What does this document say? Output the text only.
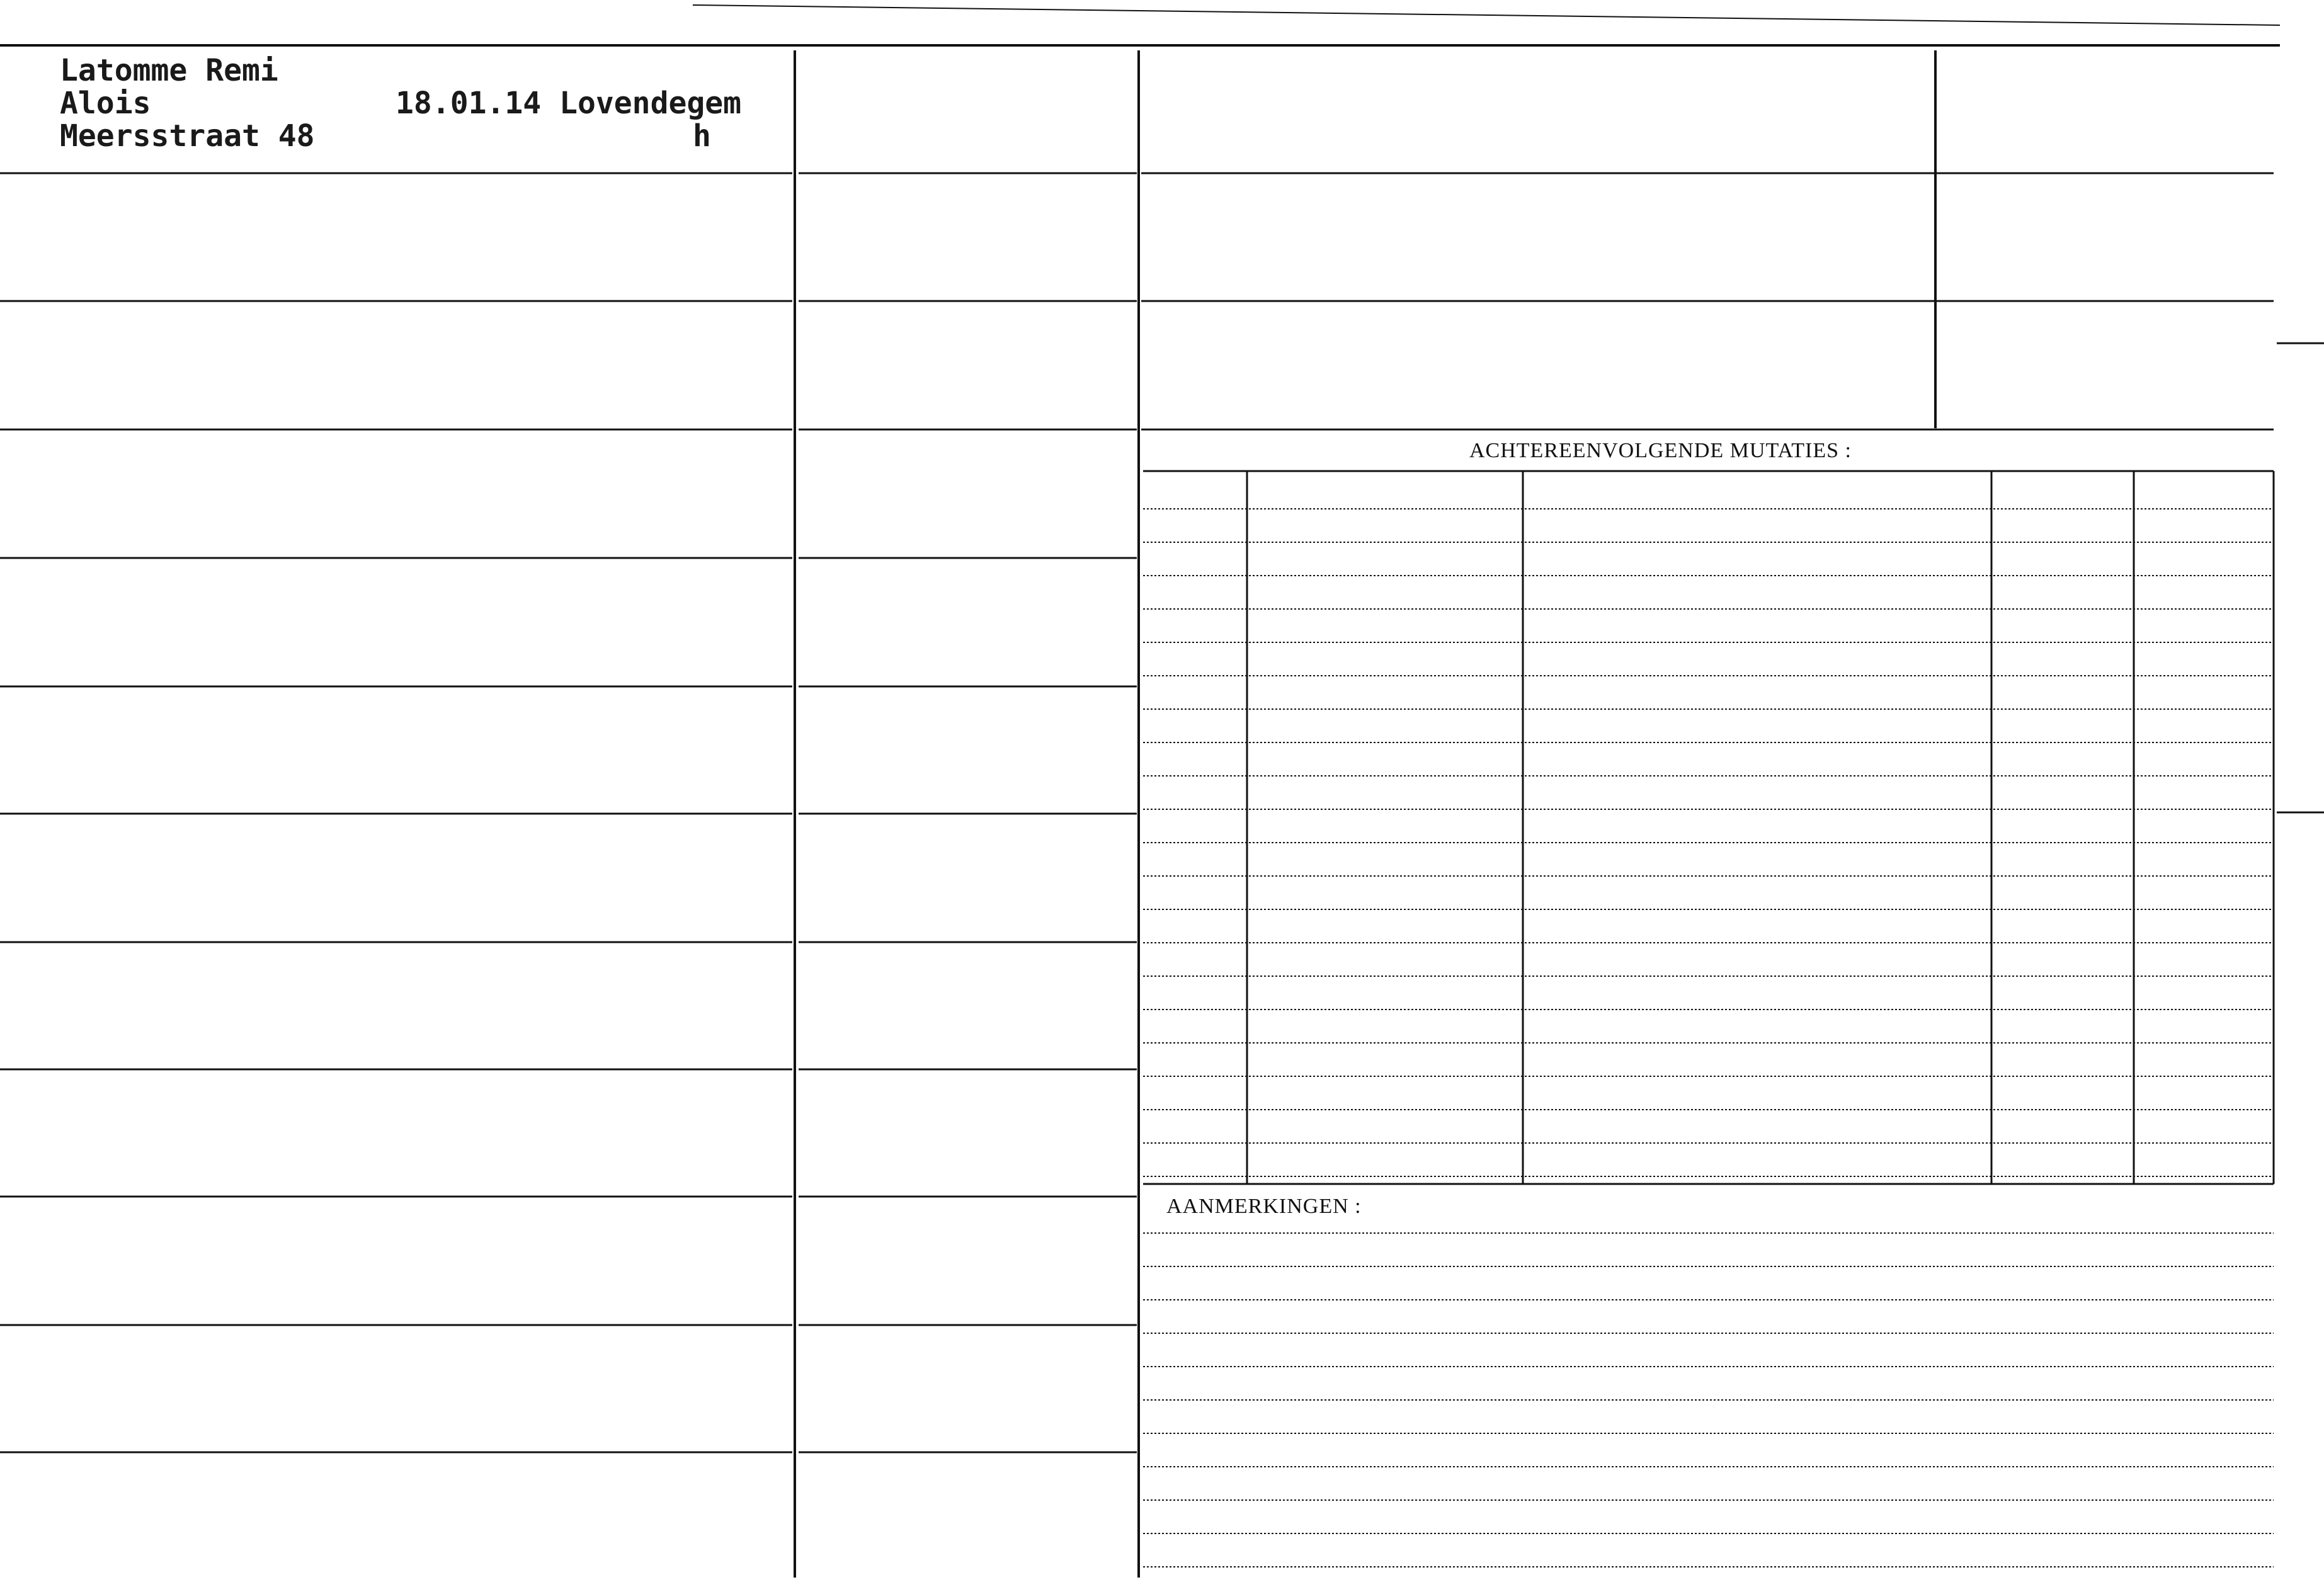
Latomme Remi
Alois	18.01.14 Lovendegem
Meersstraat 48	h
ACHTEREENVOLGENDE MUTATIES :
AANMERKINGEN :
